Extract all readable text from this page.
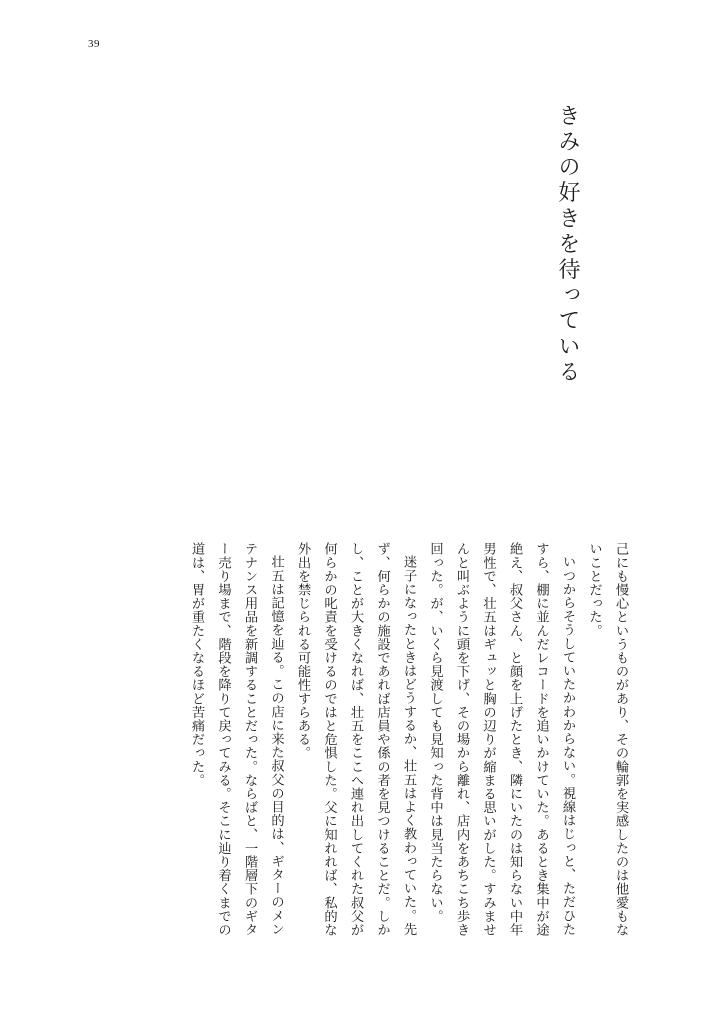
39
きみの好きを待っている

己にも慢心というものがあり、その輪郭を実感したのは他愛もないことだった。

いつからそうしていたかわからない。視線はじっと、ただひたすら、棚に並んだレコードを追いかけていた。あるとき集中が途絶え、叔父さん、と顔を上げたとき、隣にいたのは知らない中年男性で、壮五はギュッと胸の辺りが縮まる思いがした。すみませんと叫ぶように頭を下げ、その場から離れ、店内をあちこち歩き回った。が、いくら見渡しても見知った背中は見当たらない。

迷子になったときはどうするか、壮五はよく教わっていた。先ず、何らかの施設であれば店員や係の者を見つけることだ。しかし、ことが大きくなれば、壮五をここへ連れ出してくれた叔父が何らかの叱責を受けるのではと危惧した。父に知れれば、私的な外出を禁じられる可能性すらある。

壮五は記憶を辿る。この店に来た叔父の目的は、ギターのメンテナンス用品を新調することだった。ならばと、一階層下のギター売り場まで、階段を降りて戻ってみる。そこに辿り着くまでの道は、胃が重たくなるほど苦痛だった。
